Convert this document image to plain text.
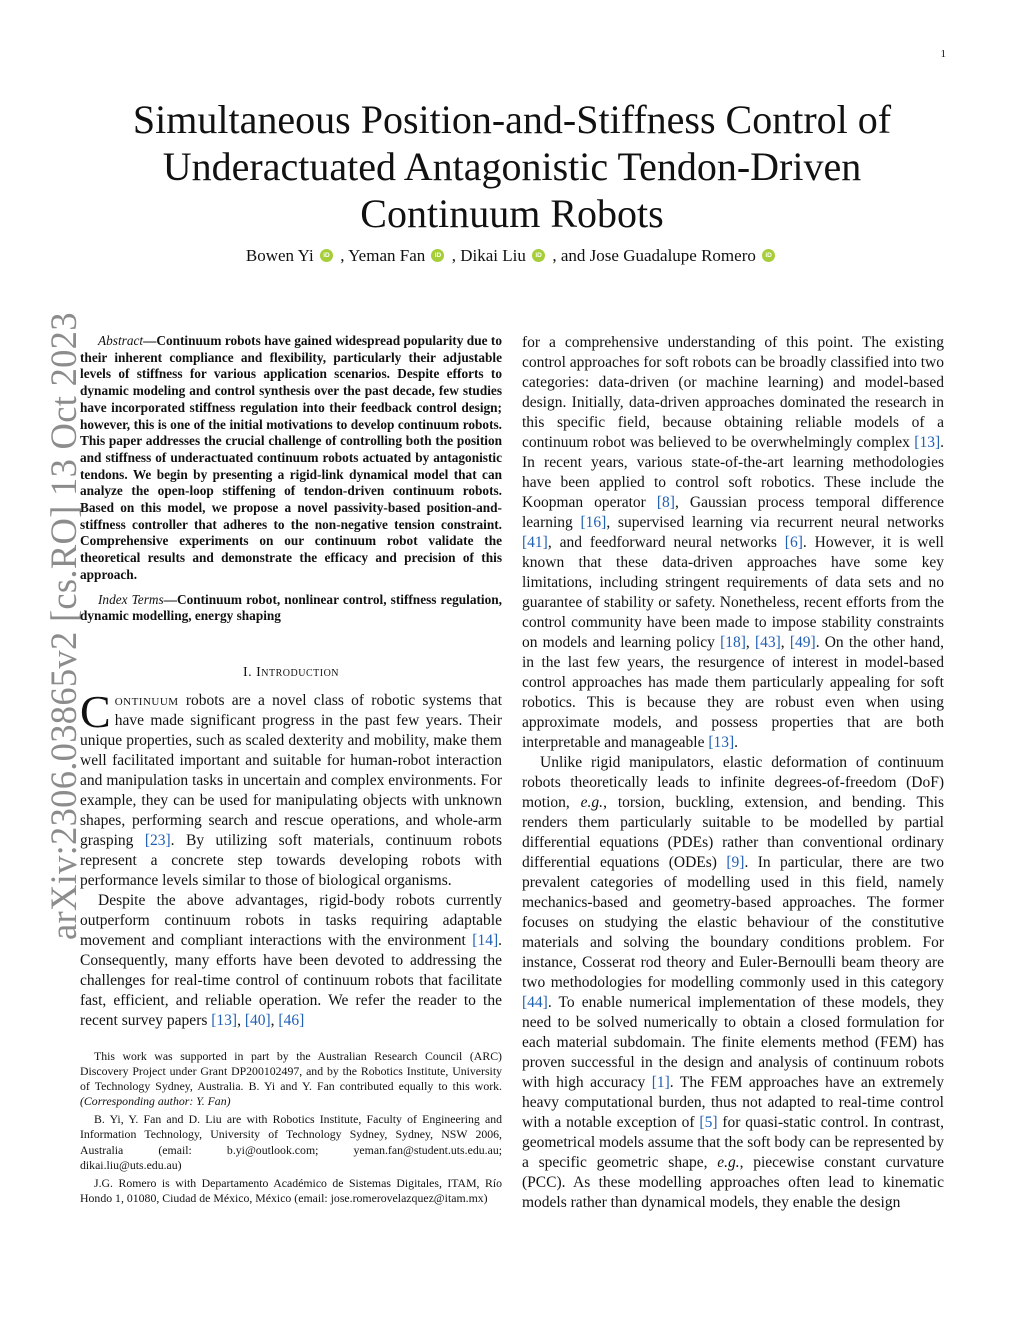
1
arXiv:2306.03865v2 [cs.RO] 13 Oct 2023
Simultaneous Position-and-Stiffness Control of Underactuated Antagonistic Tendon-Driven Continuum Robots
Bowen Yi iD , Yeman Fan iD , Dikai Liu iD , and Jose Guadalupe Romero iD

Abstract—Continuum robots have gained widespread popularity due to their inherent compliance and flexibility, particularly their adjustable levels of stiffness for various application scenarios. Despite efforts to dynamic modeling and control synthesis over the past decade, few studies have incorporated stiffness regulation into their feedback control design; however, this is one of the initial motivations to develop continuum robots. This paper addresses the crucial challenge of controlling both the position and stiffness of underactuated continuum robots actuated by antagonistic tendons. We begin by presenting a rigid-link dynamical model that can analyze the open-loop stiffening of tendon-driven continuum robots. Based on this model, we propose a novel passivity-based position-and-stiffness controller that adheres to the non-negative tension constraint. Comprehensive experiments on our continuum robot validate the theoretical results and demonstrate the efficacy and precision of this approach.

Index Terms—Continuum robot, nonlinear control, stiffness regulation, dynamic modelling, energy shaping
I. Introduction

Continuum robots are a novel class of robotic systems that have made significant progress in the past few years. Their unique properties, such as scaled dexterity and mobility, make them well facilitated important and suitable for human-robot interaction and manipulation tasks in uncertain and complex environments. For example, they can be used for manipulating objects with unknown shapes, performing search and rescue operations, and whole-arm grasping [23]. By utilizing soft materials, continuum robots represent a concrete step towards developing robots with performance levels similar to those of biological organisms.

Despite the above advantages, rigid-body robots currently outperform continuum robots in tasks requiring adaptable movement and compliant interactions with the environment [14]. Consequently, many efforts have been devoted to addressing the challenges for real-time control of continuum robots that facilitate fast, efficient, and reliable operation. We refer the reader to the recent survey papers [13], [40], [46]

This work was supported in part by the Australian Research Council (ARC) Discovery Project under Grant DP200102497, and by the Robotics Institute, University of Technology Sydney, Australia. B. Yi and Y. Fan contributed equally to this work. (Corresponding author: Y. Fan)

B. Yi, Y. Fan and D. Liu are with Robotics Institute, Faculty of Engineering and Information Technology, University of Technology Sydney, Sydney, NSW 2006, Australia (email: b.yi@outlook.com; yeman.fan@student.uts.edu.au; dikai.liu@uts.edu.au)

J.G. Romero is with Departamento Académico de Sistemas Digitales, ITAM, Río Hondo 1, 01080, Ciudad de México, México (email: jose.romerovelazquez@itam.mx)

for a comprehensive understanding of this point. The existing control approaches for soft robots can be broadly classified into two categories: data-driven (or machine learning) and model-based design. Initially, data-driven approaches dominated the research in this specific field, because obtaining reliable models of a continuum robot was believed to be overwhelmingly complex [13]. In recent years, various state-of-the-art learning methodologies have been applied to control soft robotics. These include the Koopman operator [8], Gaussian process temporal difference learning [16], supervised learning via recurrent neural networks [41], and feedforward neural networks [6]. However, it is well known that these data-driven approaches have some key limitations, including stringent requirements of data sets and no guarantee of stability or safety. Nonetheless, recent efforts from the control community have been made to impose stability constraints on models and learning policy [18], [43], [49]. On the other hand, in the last few years, the resurgence of interest in model-based control approaches has made them particularly appealing for soft robotics. This is because they are robust even when using approximate models, and possess properties that are both interpretable and manageable [13].

Unlike rigid manipulators, elastic deformation of continuum robots theoretically leads to infinite degrees-of-freedom (DoF) motion, e.g., torsion, buckling, extension, and bending. This renders them particularly suitable to be modelled by partial differential equations (PDEs) rather than conventional ordinary differential equations (ODEs) [9]. In particular, there are two prevalent categories of modelling used in this field, namely mechanics-based and geometry-based approaches. The former focuses on studying the elastic behaviour of the constitutive materials and solving the boundary conditions problem. For instance, Cosserat rod theory and Euler-Bernoulli beam theory are two methodologies for modelling commonly used in this category [44]. To enable numerical implementation of these models, they need to be solved numerically to obtain a closed formulation for each material subdomain. The finite elements method (FEM) has proven successful in the design and analysis of continuum robots with high accuracy [1]. The FEM approaches have an extremely heavy computational burden, thus not adapted to real-time control with a notable exception of [5] for quasi-static control. In contrast, geometrical models assume that the soft body can be represented by a specific geometric shape, e.g., piecewise constant curvature (PCC). As these modelling approaches often lead to kinematic models rather than dynamical models, they enable the design
